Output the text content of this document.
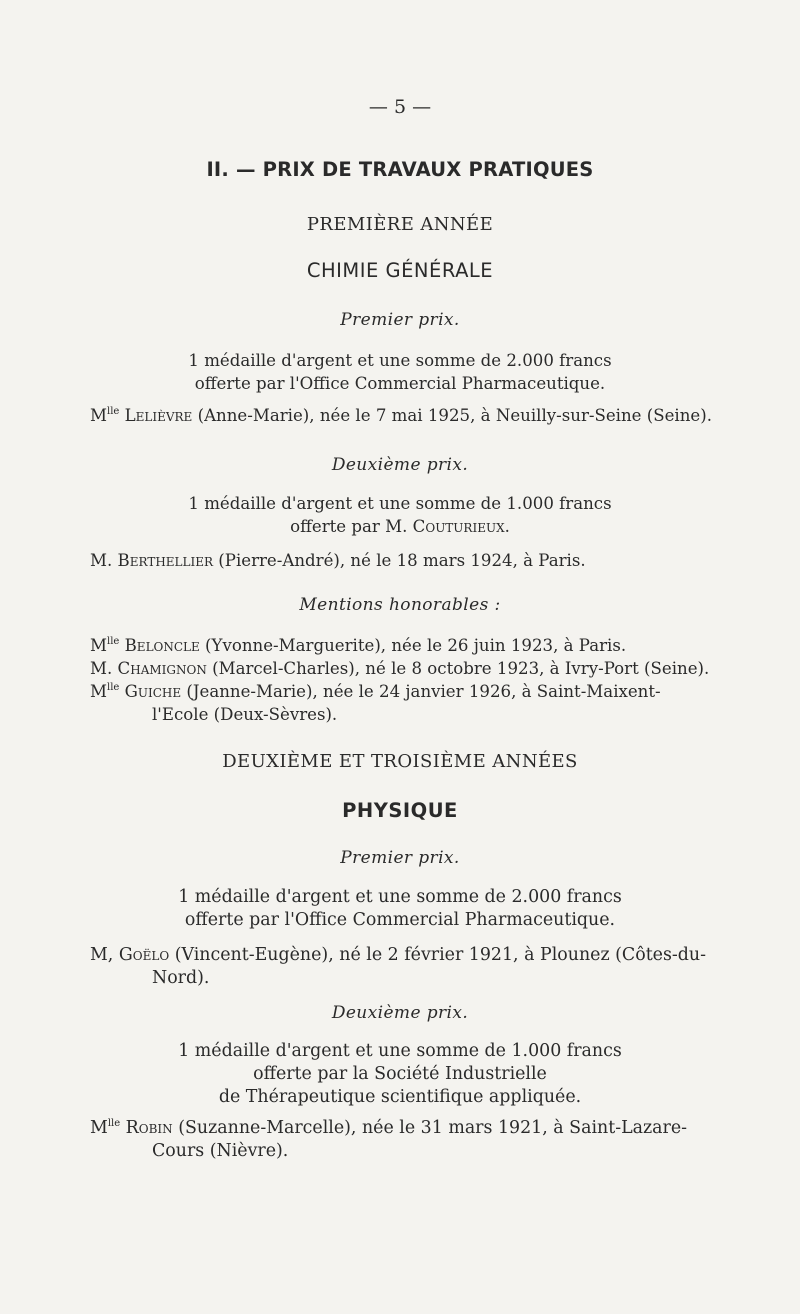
— 5 —
II. — PRIX DE TRAVAUX PRATIQUES
PREMIÈRE ANNÉE
CHIMIE GÉNÉRALE
Premier prix.
1 médaille d'argent et une somme de 2.000 francs
offerte par l'Office Commercial Pharmaceutique.
$M^{lle}$ Lelièvre (Anne-Marie), née le 7 mai 1925, à Neuilly-sur-Seine (Seine).
Deuxième prix.
1 médaille d'argent et une somme de 1.000 francs
offerte par M. Couturieux.
M. Berthellier (Pierre-André), né le 18 mars 1924, à Paris.
Mentions honorables :
$M^{lle}$ Beloncle (Yvonne-Marguerite), née le 26 juin 1923, à Paris.
M. Chamignon (Marcel-Charles), né le 8 octobre 1923, à Ivry-Port (Seine).
$M^{lle}$ Guiche (Jeanne-Marie), née le 24 janvier 1926, à Saint-Maixent-
l'Ecole (Deux-Sèvres).
DEUXIÈME ET TROISIÈME ANNÉES
PHYSIQUE
Premier prix.
1 médaille d'argent et une somme de 2.000 francs
offerte par l'Office Commercial Pharmaceutique.
M, Goëlo (Vincent-Eugène), né le 2 février 1921, à Plounez (Côtes-du-
Nord).
Deuxième prix.
1 médaille d'argent et une somme de 1.000 francs
offerte par la Société Industrielle
de Thérapeutique scientifique appliquée.
$M^{lle}$ Robin (Suzanne-Marcelle), née le 31 mars 1921, à Saint-Lazare-
Cours (Nièvre).
